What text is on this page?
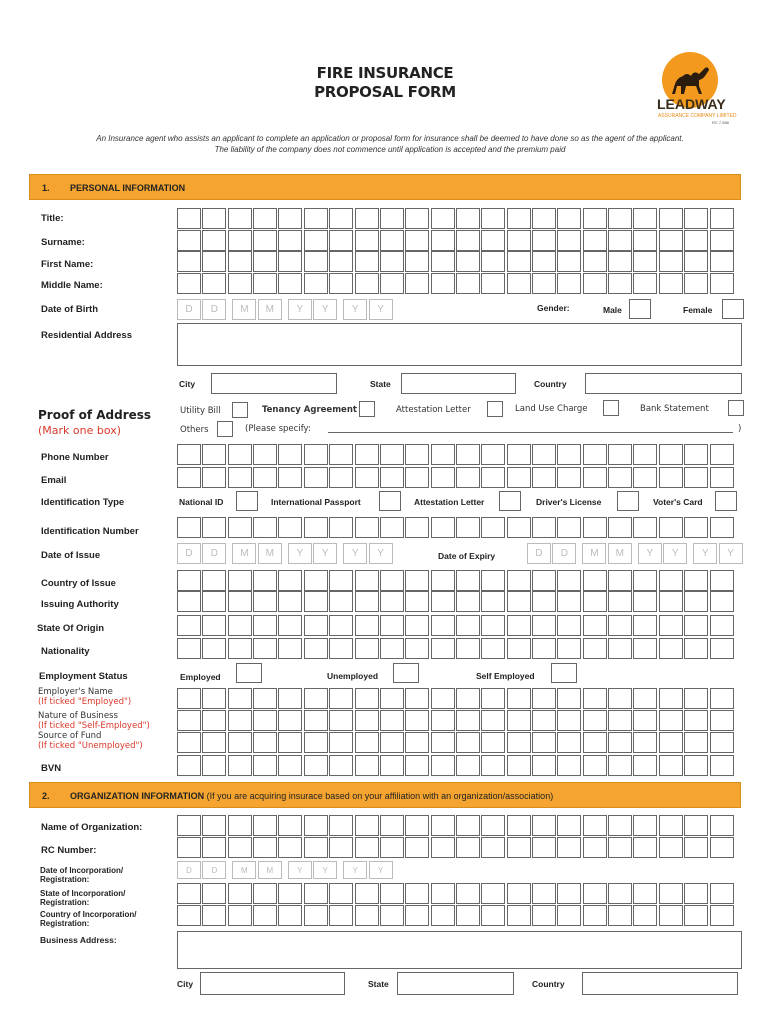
FIRE INSURANCE
PROPOSAL FORM
LEADWAY
ASSURANCE COMPANY LIMITED
RC 7,588
An Insurance agent who assists an applicant to complete an application or proposal form for insurance shall be deemed to have done so as the agent of the applicant.
The liability of the company does not commence until application is accepted and the premium paid
1. PERSONAL INFORMATION
Title:
Surname:
First Name:
Middle Name:
Date of Birth	D	D	M	M	Y	Y	Y	Y	Gender:	Male	Female
Residential Address
City	State	Country
Proof of Address
(Mark one box)
Utility Bill	Tenancy Agreement	Attestation Letter	Land Use Charge	Bank Statement
Others	(Please specify:	)
Phone Number
Email
Identification Type	National ID	International Passport	Attestation Letter	Driver's License	Voter's Card
Identification Number
Date of Issue	D	D	M	M	Y	Y	Y	Y	Date of Expiry	D	D	M	M	Y	Y	Y	Y
Country of Issue
Issuing Authority
State Of Origin
Nationality
Employment Status	Employed	Unemployed	Self Employed
Employer's Name
(If ticked "Employed")
Nature of Business
(If ticked "Self-Employed")
Source of Fund
(If ticked "Unemployed")
BVN
2. ORGANIZATION INFORMATION (If you are acquiring insurace based on your affiliation with an organization/association)
Name of Organization:
RC Number:
Date of Incorporation/
Registration:
D	D	M	M	Y	Y	Y	Y
State of Incorporation/
Registration:
Country of Incorporation/
Registration:
Business Address:
City	State	Country
